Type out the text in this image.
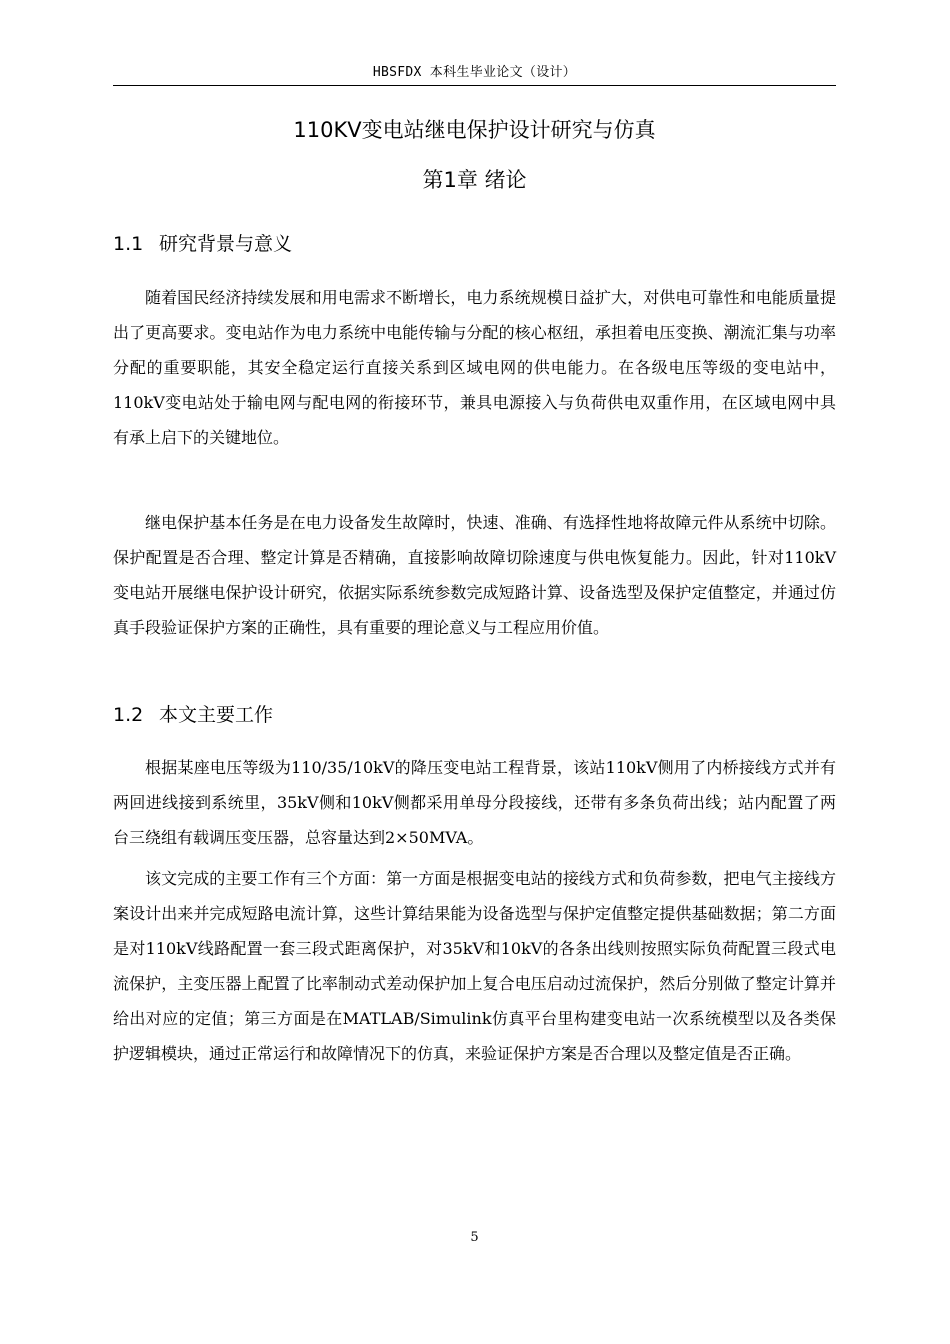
HBSFDX 本科生毕业论文（设计）
110KV变电站继电保护设计研究与仿真
第1章 绪论
1.1 研究背景与意义

随着国民经济持续发展和用电需求不断增长，电力系统规模日益扩大，对供电可靠性和电能质量提出了更高要求。变电站作为电力系统中电能传输与分配的核心枢纽，承担着电压变换、潮流汇集与功率分配的重要职能，其安全稳定运行直接关系到区域电网的供电能力。在各级电压等级的变电站中，110kV变电站处于输电网与配电网的衔接环节，兼具电源接入与负荷供电双重作用，在区域电网中具有承上启下的关键地位。

继电保护基本任务是在电力设备发生故障时，快速、准确、有选择性地将故障元件从系统中切除。保护配置是否合理、整定计算是否精确，直接影响故障切除速度与供电恢复能力。因此，针对110kV变电站开展继电保护设计研究，依据实际系统参数完成短路计算、设备选型及保护定值整定，并通过仿真手段验证保护方案的正确性，具有重要的理论意义与工程应用价值。

1.2 本文主要工作

根据某座电压等级为110/35/10kV的降压变电站工程背景，该站110kV侧用了内桥接线方式并有两回进线接到系统里，35kV侧和10kV侧都采用单母分段接线，还带有多条负荷出线；站内配置了两台三绕组有载调压变压器，总容量达到2×50MVA。

该文完成的主要工作有三个方面：第一方面是根据变电站的接线方式和负荷参数，把电气主接线方案设计出来并完成短路电流计算，这些计算结果能为设备选型与保护定值整定提供基础数据；第二方面是对110kV线路配置一套三段式距离保护，对35kV和10kV的各条出线则按照实际负荷配置三段式电流保护，主变压器上配置了比率制动式差动保护加上复合电压启动过流保护，然后分别做了整定计算并给出对应的定值；第三方面是在MATLAB/Simulink仿真平台里构建变电站一次系统模型以及各类保护逻辑模块，通过正常运行和故障情况下的仿真，来验证保护方案是否合理以及整定值是否正确。

5
